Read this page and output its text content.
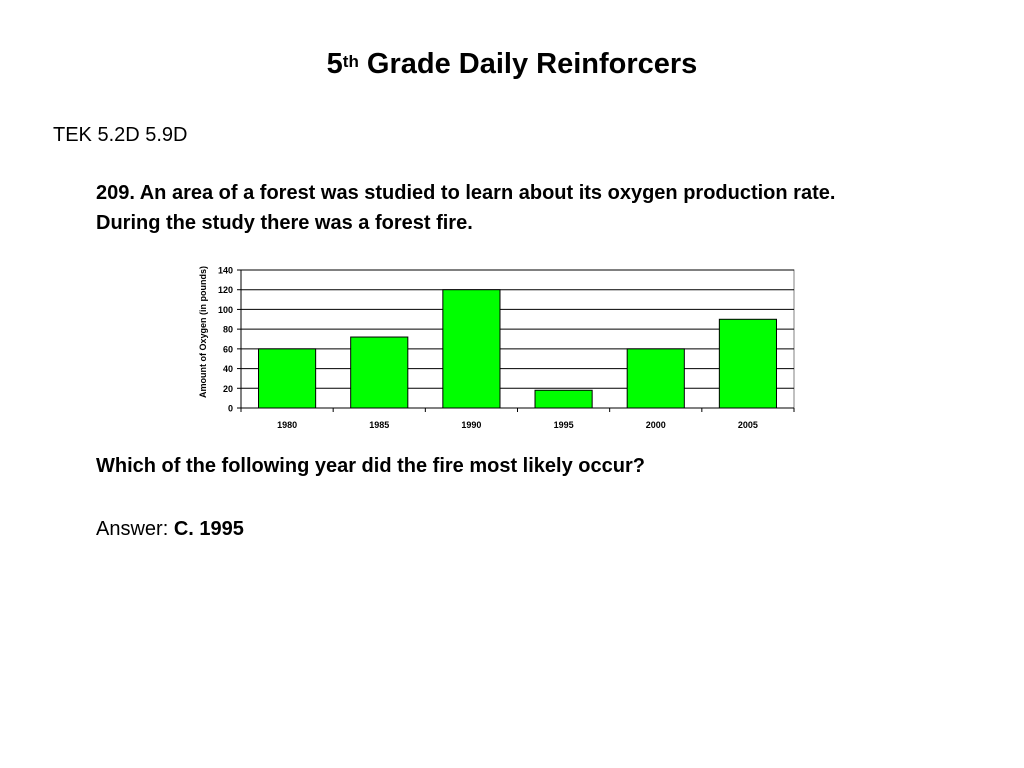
5th Grade Daily Reinforcers
TEK 5.2D 5.9D
209. An area of a forest was studied to learn about its oxygen production rate. During the study there was a forest fire.
0
20
40
60
80
100
120
140
1980	1985	1990	1995	2000	2005
Amount of Oxygen (in pounds)
Which of the following year did the fire most likely occur?
Answer: C. 1995
